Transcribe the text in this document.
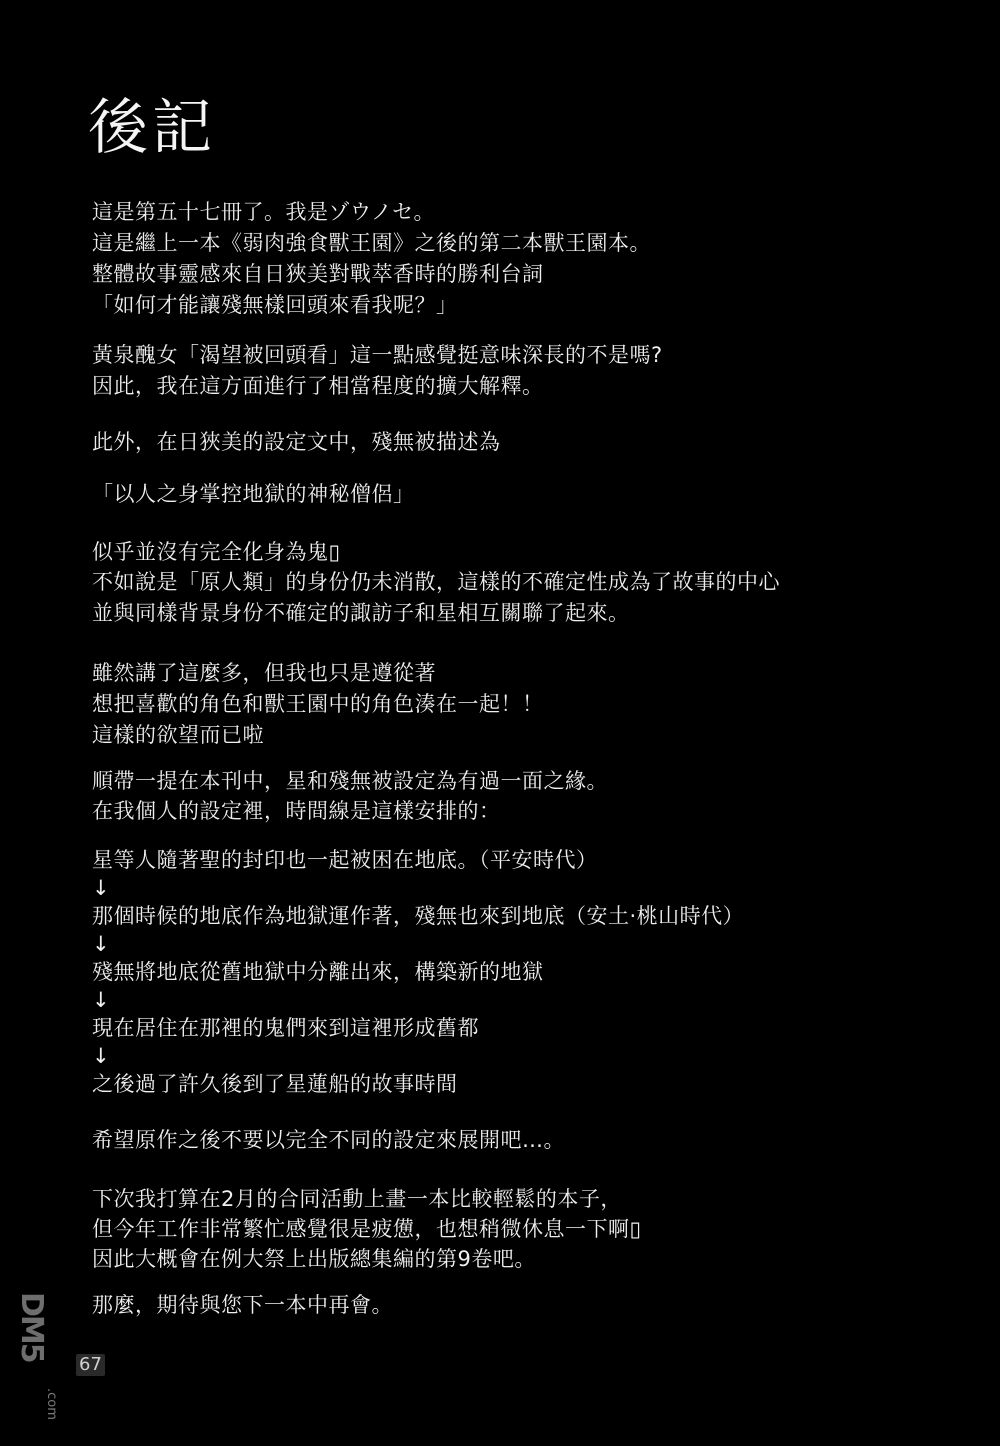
後記
這是第五十七冊了。我是ゾウノセ。
這是繼上一本《弱肉強食獸王園》之後的第二本獸王園本。
整體故事靈感來自日狹美對戰萃香時的勝利台詞
「如何才能讓殘無樣回頭來看我呢？」
黃泉醜女「渴望被回頭看」這一點感覺挺意味深長的不是嗎?
因此，我在這方面進行了相當程度的擴大解釋。
此外，在日狹美的設定文中，殘無被描述為
「以人之身掌控地獄的神秘僧侶」
似乎並沒有完全化身為鬼▯
不如說是「原人類」的身份仍未消散，這樣的不確定性成為了故事的中心
並與同樣背景身份不確定的諏訪子和星相互關聯了起來。
雖然講了這麼多，但我也只是遵從著
想把喜歡的角色和獸王園中的角色湊在一起！！
這樣的欲望而已啦
順帶一提在本刊中，星和殘無被設定為有過一面之緣。
在我個人的設定裡，時間線是這樣安排的：
星等人隨著聖的封印也一起被困在地底。（平安時代）
↓
那個時候的地底作為地獄運作著，殘無也來到地底（安土·桃山時代）
↓
殘無將地底從舊地獄中分離出來，構築新的地獄
↓
現在居住在那裡的鬼們來到這裡形成舊都
↓
之後過了許久後到了星蓮船的故事時間
希望原作之後不要以完全不同的設定來展開吧…。
下次我打算在2月的合同活動上畫一本比較輕鬆的本子，
但今年工作非常繁忙感覺很是疲憊，也想稍微休息一下啊▯
因此大概會在例大祭上出版總集編的第9卷吧。
那麼，期待與您下一本中再會。
DM5
.com
67
